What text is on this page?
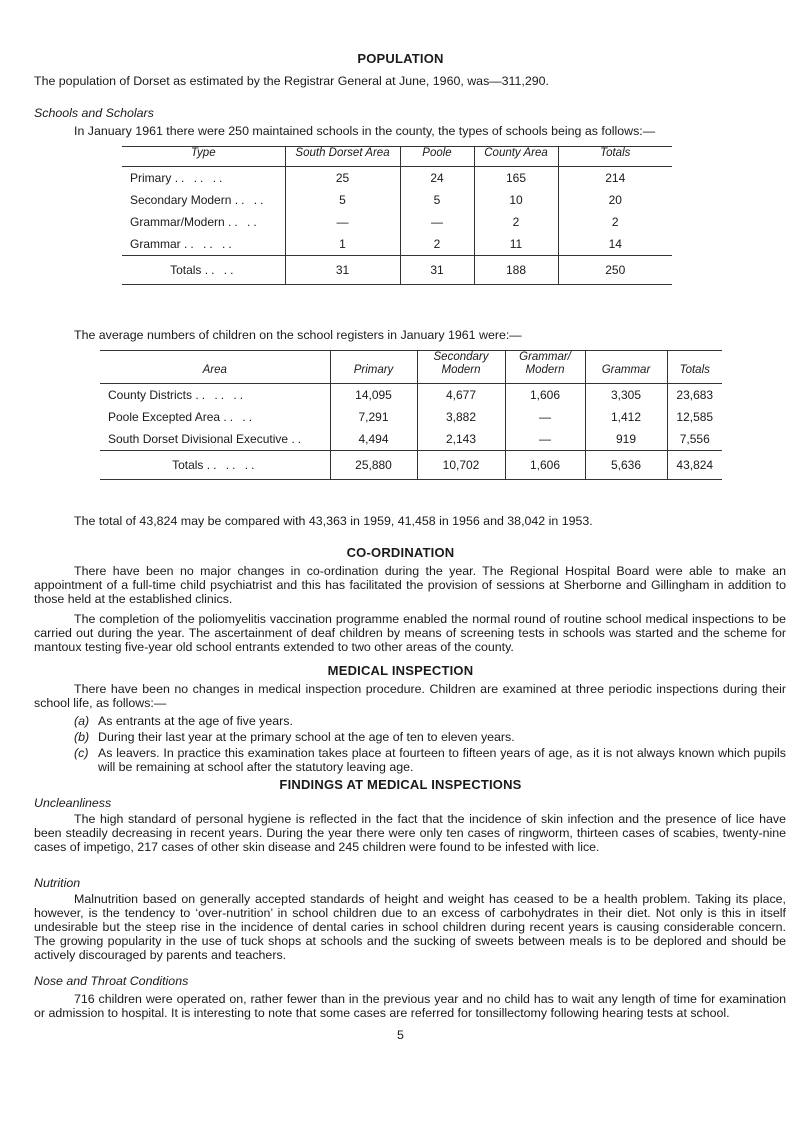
POPULATION
The population of Dorset as estimated by the Registrar General at June, 1960, was—311,290.
Schools and Scholars
In January 1961 there were 250 maintained schools in the county, the types of schools being as follows:—
Type	South Dorset Area	Poole	County Area	Totals
Primary .. .. ..	25	24	165	214
Secondary Modern .. ..	5	5	10	20
Grammar/Modern .. ..	—	—	2	2
Grammar .. .. ..	1	2	11	14
Totals .. ..	31	31	188	250
The average numbers of children on the school registers in January 1961 were:—
Area	Primary	Secondary Modern	Grammar/ Modern	Grammar	Totals
County Districts .. .. ..	14,095	4,677	1,606	3,305	23,683
Poole Excepted Area .. ..	7,291	3,882	—	1,412	12,585
South Dorset Divisional Executive ..	4,494	2,143	—	919	7,556
Totals .. .. ..	25,880	10,702	1,606	5,636	43,824
The total of 43,824 may be compared with 43,363 in 1959, 41,458 in 1956 and 38,042 in 1953.
CO-ORDINATION
There have been no major changes in co-ordination during the year. The Regional Hospital Board were able to make an appointment of a full-time child psychiatrist and this has facilitated the provision of sessions at Sherborne and Gillingham in addition to those held at the established clinics.
The completion of the poliomyelitis vaccination programme enabled the normal round of routine school medical inspections to be carried out during the year. The ascertainment of deaf children by means of screening tests in schools was started and the scheme for mantoux testing five-year old school entrants extended to two other areas of the county.
MEDICAL INSPECTION
There have been no changes in medical inspection procedure. Children are examined at three periodic inspections during their school life, as follows:—
(a) As entrants at the age of five years.
(b) During their last year at the primary school at the age of ten to eleven years.
(c) As leavers. In practice this examination takes place at fourteen to fifteen years of age, as it is not always known which pupils will be remaining at school after the statutory leaving age.
FINDINGS AT MEDICAL INSPECTIONS
Uncleanliness
The high standard of personal hygiene is reflected in the fact that the incidence of skin infection and the presence of lice have been steadily decreasing in recent years. During the year there were only ten cases of ringworm, thirteen cases of scabies, twenty-nine cases of impetigo, 217 cases of other skin disease and 245 children were found to be infested with lice.
Nutrition
Malnutrition based on generally accepted standards of height and weight has ceased to be a health problem. Taking its place, however, is the tendency to ‘over-nutrition’ in school children due to an excess of carbohydrates in their diet. Not only is this in itself undesirable but the steep rise in the incidence of dental caries in school children during recent years is causing considerable concern. The growing popularity in the use of tuck shops at schools and the sucking of sweets between meals is to be deplored and should be actively discouraged by parents and teachers.
Nose and Throat Conditions
716 children were operated on, rather fewer than in the previous year and no child has to wait any length of time for examination or admission to hospital. It is interesting to note that some cases are referred for tonsillectomy following hearing tests at school.
5
